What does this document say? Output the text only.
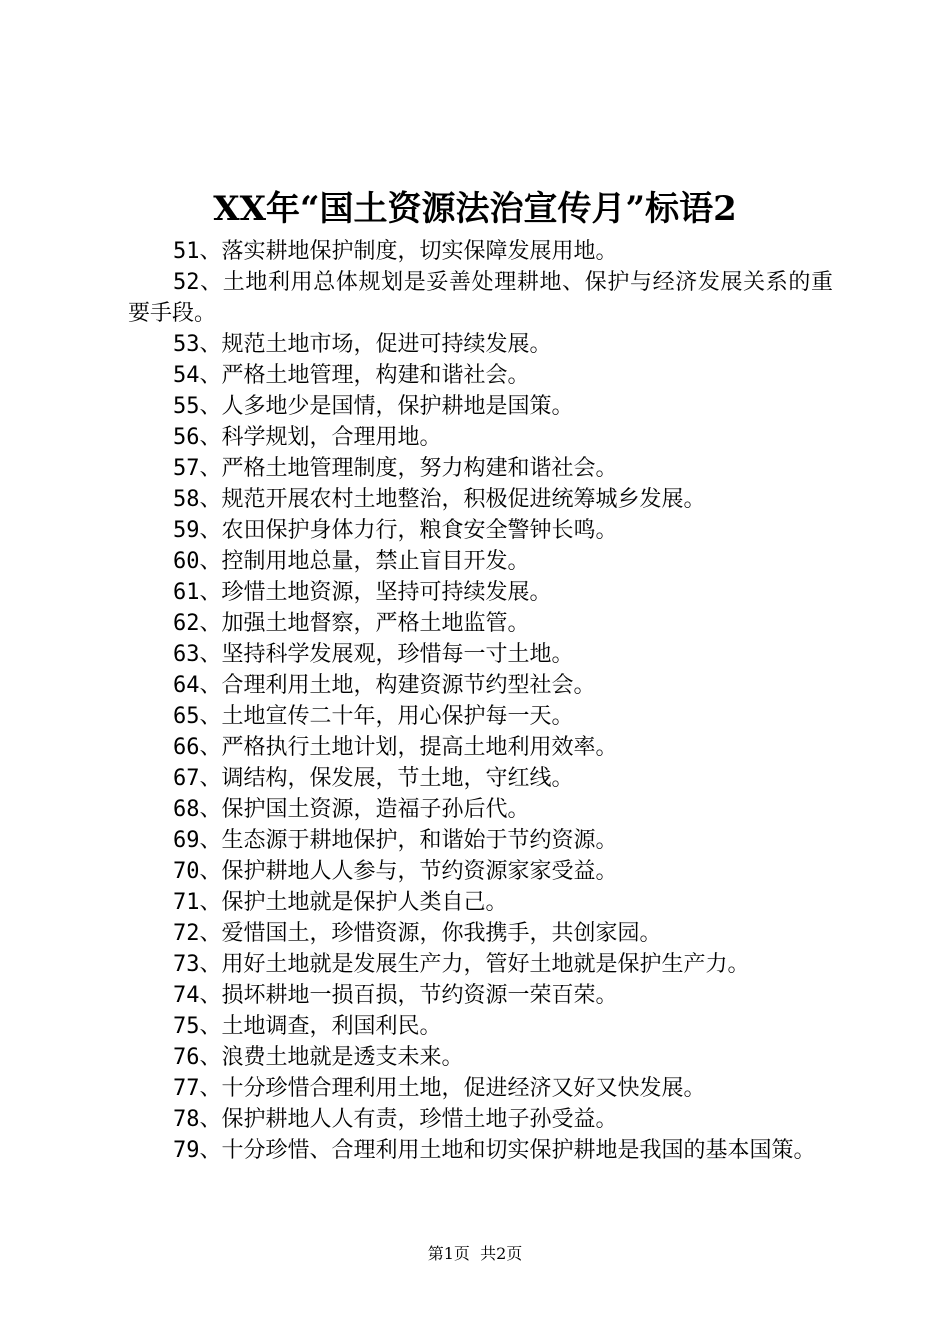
XX年“国土资源法治宣传月”标语2

51、落实耕地保护制度，切实保障发展用地。

52、土地利用总体规划是妥善处理耕地、保护与经济发展关系的重要手段。

53、规范土地市场，促进可持续发展。

54、严格土地管理，构建和谐社会。

55、人多地少是国情，保护耕地是国策。

56、科学规划，合理用地。

57、严格土地管理制度，努力构建和谐社会。

58、规范开展农村土地整治，积极促进统筹城乡发展。

59、农田保护身体力行，粮食安全警钟长鸣。

60、控制用地总量，禁止盲目开发。

61、珍惜土地资源，坚持可持续发展。

62、加强土地督察，严格土地监管。

63、坚持科学发展观，珍惜每一寸土地。

64、合理利用土地，构建资源节约型社会。

65、土地宣传二十年，用心保护每一天。

66、严格执行土地计划，提高土地利用效率。

67、调结构，保发展，节土地，守红线。

68、保护国土资源，造福子孙后代。

69、生态源于耕地保护，和谐始于节约资源。

70、保护耕地人人参与，节约资源家家受益。

71、保护土地就是保护人类自己。

72、爱惜国土，珍惜资源，你我携手，共创家园。

73、用好土地就是发展生产力，管好土地就是保护生产力。

74、损坏耕地一损百损，节约资源一荣百荣。

75、土地调查，利国利民。

76、浪费土地就是透支未来。

77、十分珍惜合理利用土地，促进经济又好又快发展。

78、保护耕地人人有责，珍惜土地子孙受益。

79、十分珍惜、合理利用土地和切实保护耕地是我国的基本国策。

第1页  共2页
